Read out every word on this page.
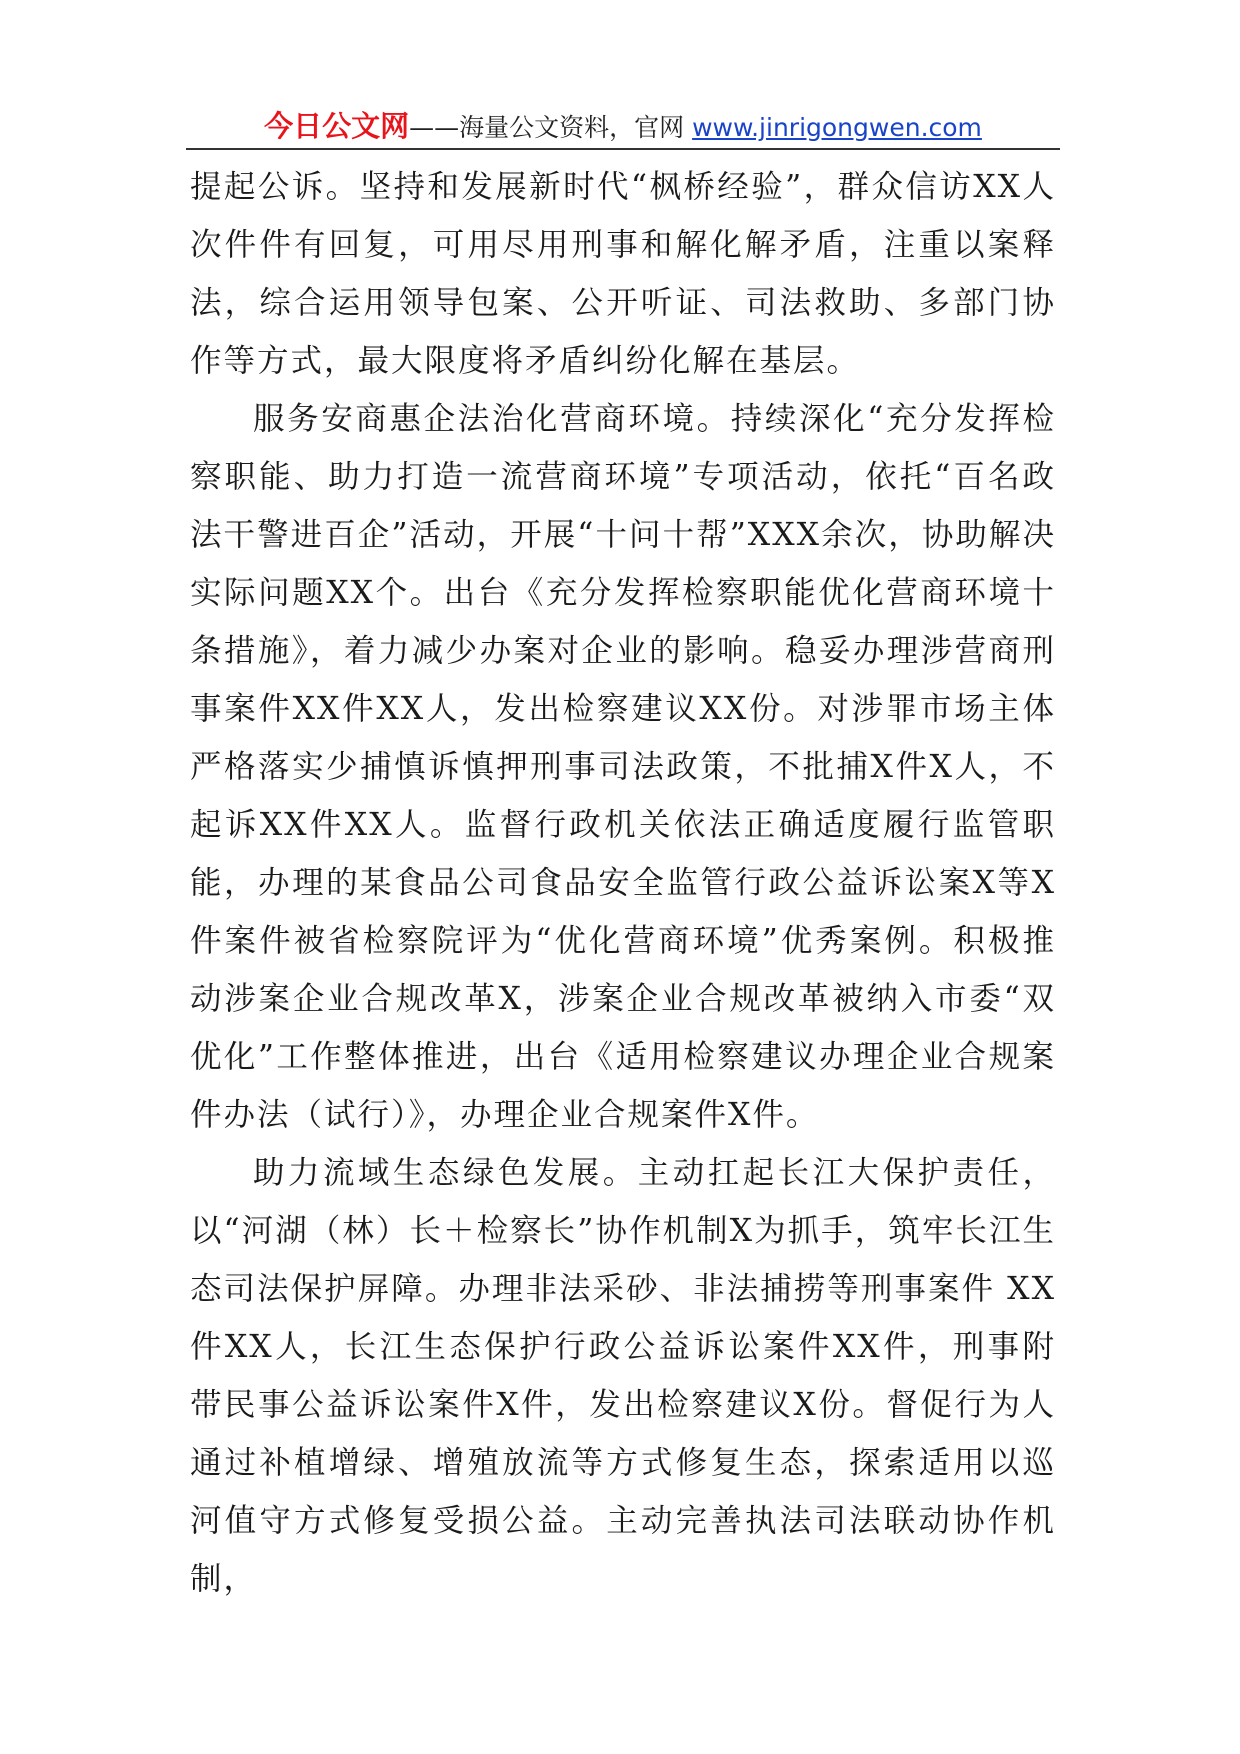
今日公文网——海量公文资料，官网 www.jinrigongwen.com

提起公诉。坚持和发展新时代“枫桥经验”，群众信访XX人次件件有回复，可用尽用刑事和解化解矛盾，注重以案释法，综合运用领导包案、公开听证、司法救助、多部门协作等方式，最大限度将矛盾纠纷化解在基层。

服务安商惠企法治化营商环境。持续深化“充分发挥检察职能、助力打造一流营商环境”专项活动，依托“百名政法干警进百企”活动，开展“十问十帮”XXX余次，协助解决实际问题XX个。出台《充分发挥检察职能优化营商环境十条措施》，着力减少办案对企业的影响。稳妥办理涉营商刑事案件XX件XX人，发出检察建议XX份。对涉罪市场主体严格落实少捕慎诉慎押刑事司法政策，不批捕X件X人，不起诉XX件XX人。监督行政机关依法正确适度履行监管职能，办理的某食品公司食品安全监管行政公益诉讼案X等X件案件被省检察院评为“优化营商环境”优秀案例。积极推动涉案企业合规改革X，涉案企业合规改革被纳入市委“双优化”工作整体推进，出台《适用检察建议办理企业合规案件办法（试行）》，办理企业合规案件X件。

助力流域生态绿色发展。主动扛起长江大保护责任，以“河湖（林）长＋检察长”协作机制X为抓手，筑牢长江生态司法保护屏障。办理非法采砂、非法捕捞等刑事案件 XX件XX人，长江生态保护行政公益诉讼案件XX件，刑事附带民事公益诉讼案件X件，发出检察建议X份。督促行为人通过补植增绿、增殖放流等方式修复生态，探索适用以巡河值守方式修复受损公益。主动完善执法司法联动协作机制，
